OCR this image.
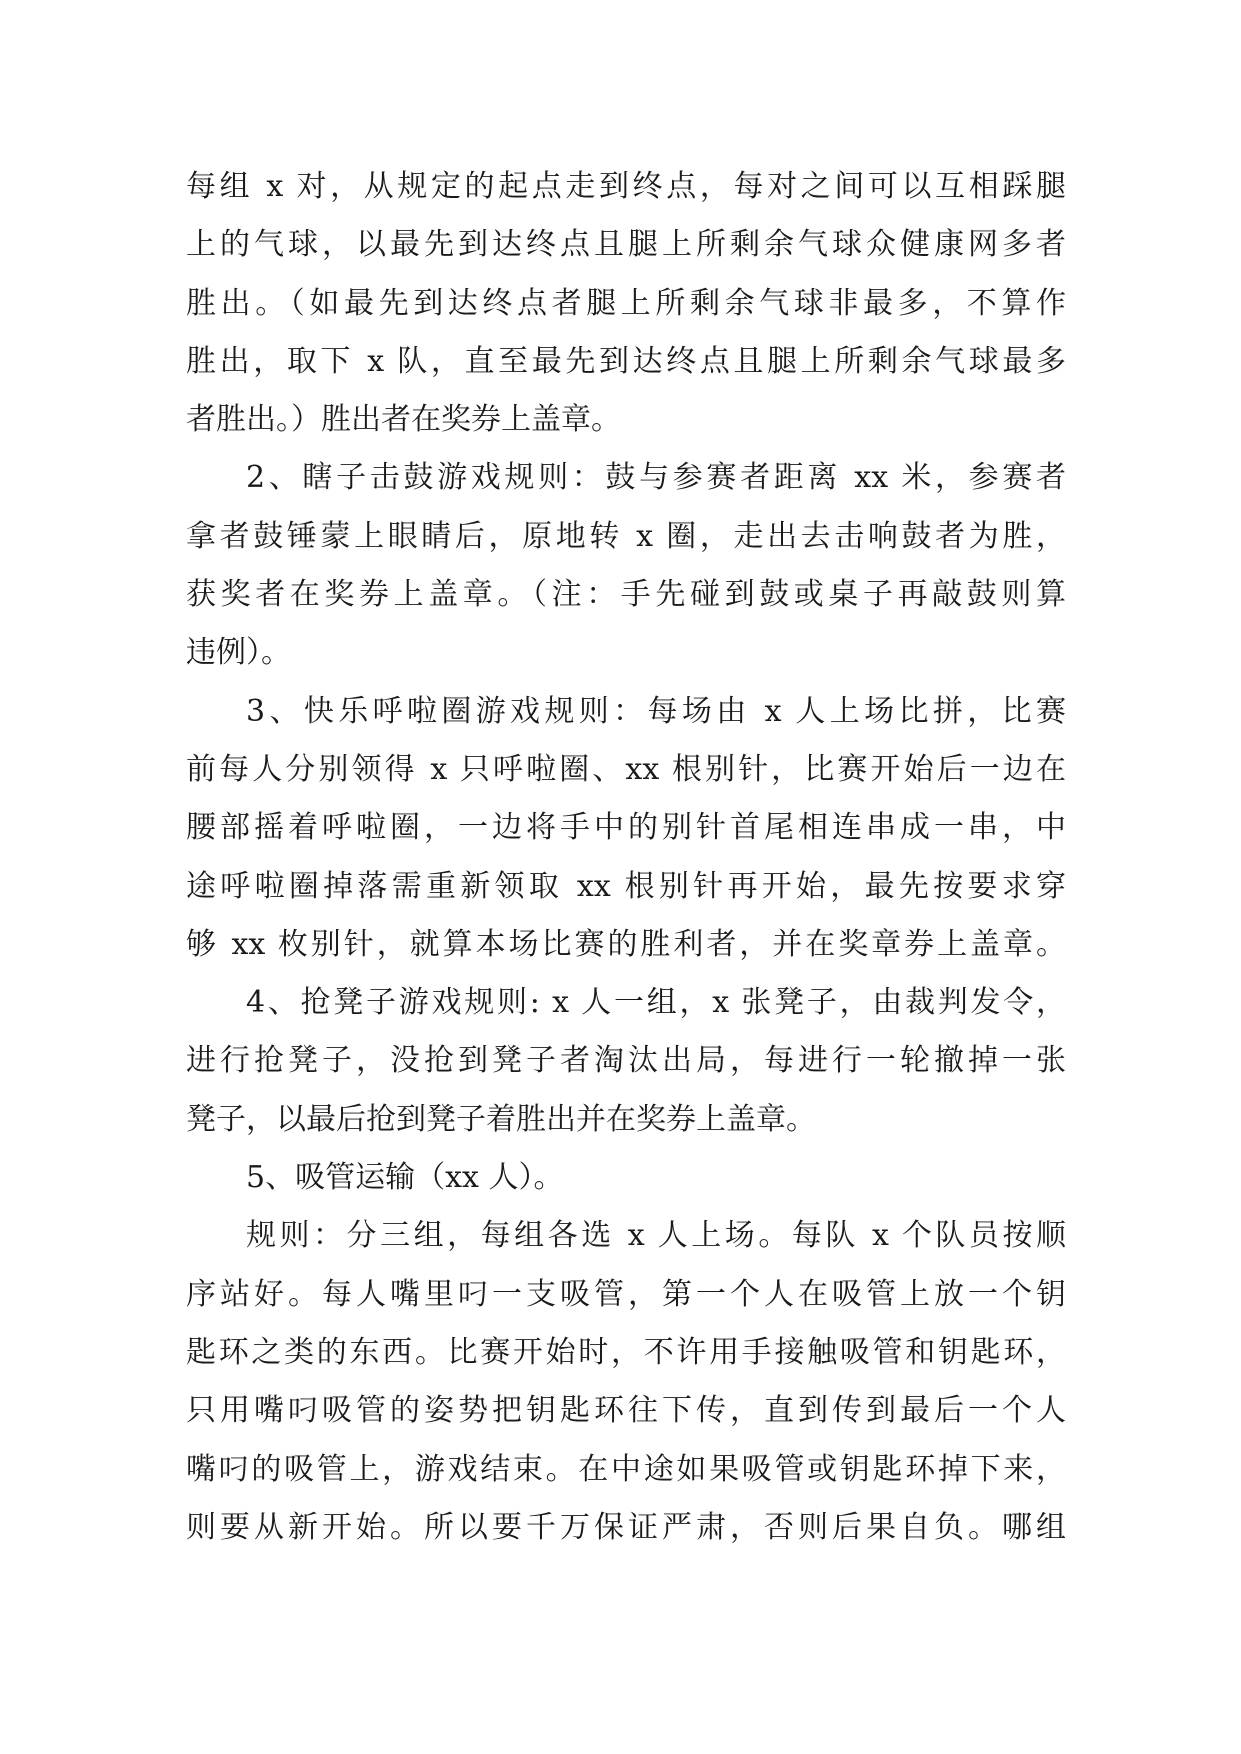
每组 x 对，从规定的起点走到终点，每对之间可以互相踩腿
上的气球，以最先到达终点且腿上所剩余气球众健康网多者
胜出。（如最先到达终点者腿上所剩余气球非最多，不算作
胜出，取下 x 队，直至最先到达终点且腿上所剩余气球最多
者胜出。）胜出者在奖券上盖章。
2、瞎子击鼓游戏规则：鼓与参赛者距离 xx 米，参赛者
拿者鼓锤蒙上眼睛后，原地转 x 圈，走出去击响鼓者为胜，
获奖者在奖券上盖章。（注：手先碰到鼓或桌子再敲鼓则算
违例）。
3、快乐呼啦圈游戏规则：每场由 x 人上场比拼，比赛
前每人分别领得 x 只呼啦圈、xx 根别针，比赛开始后一边在
腰部摇着呼啦圈，一边将手中的别针首尾相连串成一串，中
途呼啦圈掉落需重新领取 xx 根别针再开始，最先按要求穿
够 xx 枚别针，就算本场比赛的胜利者，并在奖章券上盖章。
4、抢凳子游戏规则: x 人一组，x 张凳子，由裁判发令，
进行抢凳子，没抢到凳子者淘汰出局，每进行一轮撤掉一张
凳子，以最后抢到凳子着胜出并在奖券上盖章。
5、吸管运输（xx 人）。
规则：分三组，每组各选 x 人上场。每队 x 个队员按顺
序站好。每人嘴里叼一支吸管，第一个人在吸管上放一个钥
匙环之类的东西。比赛开始时，不许用手接触吸管和钥匙环，
只用嘴叼吸管的姿势把钥匙环往下传，直到传到最后一个人
嘴叼的吸管上，游戏结束。在中途如果吸管或钥匙环掉下来，
则要从新开始。所以要千万保证严肃，否则后果自负。哪组
